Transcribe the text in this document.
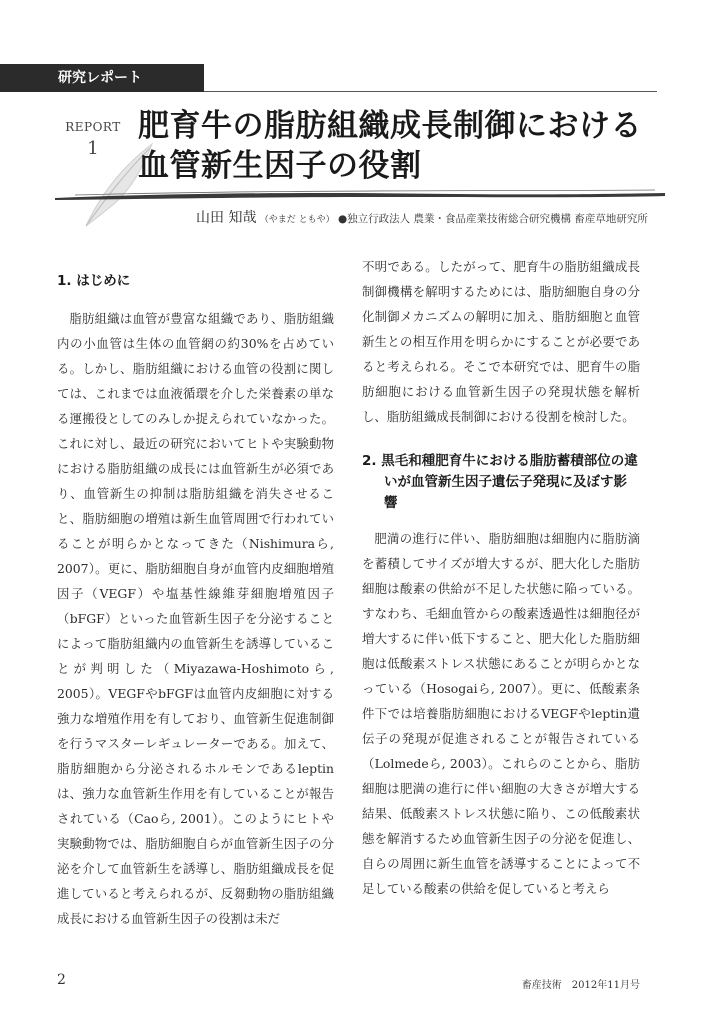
研究レポート
REPORT
1
肥育牛の脂肪組織成長制御における
血管新生因子の役割
山田 知哉 （やまだ ともや） ●独立行政法人 農業・食品産業技術総合研究機構 畜産草地研究所
1. はじめに

脂肪組織は血管が豊富な組織であり、脂肪組織内の小血管は生体の血管網の約30%を占めている。しかし、脂肪組織における血管の役割に関しては、これまでは血液循環を介した栄養素の単なる運搬役としてのみしか捉えられていなかった。これに対し、最近の研究においてヒトや実験動物における脂肪組織の成長には血管新生が必須であり、血管新生の抑制は脂肪組織を消失させること、脂肪細胞の増殖は新生血管周囲で行われていることが明らかとなってきた（Nishimuraら, 2007）。更に、脂肪細胞自身が血管内皮細胞増殖因子（VEGF）や塩基性線維芽細胞増殖因子（bFGF）といった血管新生因子を分泌することによって脂肪組織内の血管新生を誘導していることが判明した（Miyazawa-Hoshimotoら, 2005）。VEGFやbFGFは血管内皮細胞に対する強力な増殖作用を有しており、血管新生促進制御を行うマスターレギュレーターである。加えて、脂肪細胞から分泌されるホルモンであるleptinは、強力な血管新生作用を有していることが報告されている（Caoら, 2001）。このようにヒトや実験動物では、脂肪細胞自らが血管新生因子の分泌を介して血管新生を誘導し、脂肪組織成長を促進していると考えられるが、反芻動物の脂肪組織成長における血管新生因子の役割は未だ

不明である。したがって、肥育牛の脂肪組織成長制御機構を解明するためには、脂肪細胞自身の分化制御メカニズムの解明に加え、脂肪細胞と血管新生との相互作用を明らかにすることが必要であると考えられる。そこで本研究では、肥育牛の脂肪細胞における血管新生因子の発現状態を解析し、脂肪組織成長制御における役割を検討した。

2. 黒毛和種肥育牛における脂肪蓄積部位の違いが血管新生因子遺伝子発現に及ぼす影響

肥満の進行に伴い、脂肪細胞は細胞内に脂肪滴を蓄積してサイズが増大するが、肥大化した脂肪細胞は酸素の供給が不足した状態に陥っている。すなわち、毛細血管からの酸素透過性は細胞径が増大するに伴い低下すること、肥大化した脂肪細胞は低酸素ストレス状態にあることが明らかとなっている（Hosogaiら, 2007）。更に、低酸素条件下では培養脂肪細胞におけるVEGFやleptin遺伝子の発現が促進されることが報告されている（Lolmedeら, 2003）。これらのことから、脂肪細胞は肥満の進行に伴い細胞の大きさが増大する結果、低酸素ストレス状態に陥り、この低酸素状態を解消するため血管新生因子の分泌を促進し、自らの周囲に新生血管を誘導することによって不足している酸素の供給を促していると考えら

2	畜産技術　2012年11月号
